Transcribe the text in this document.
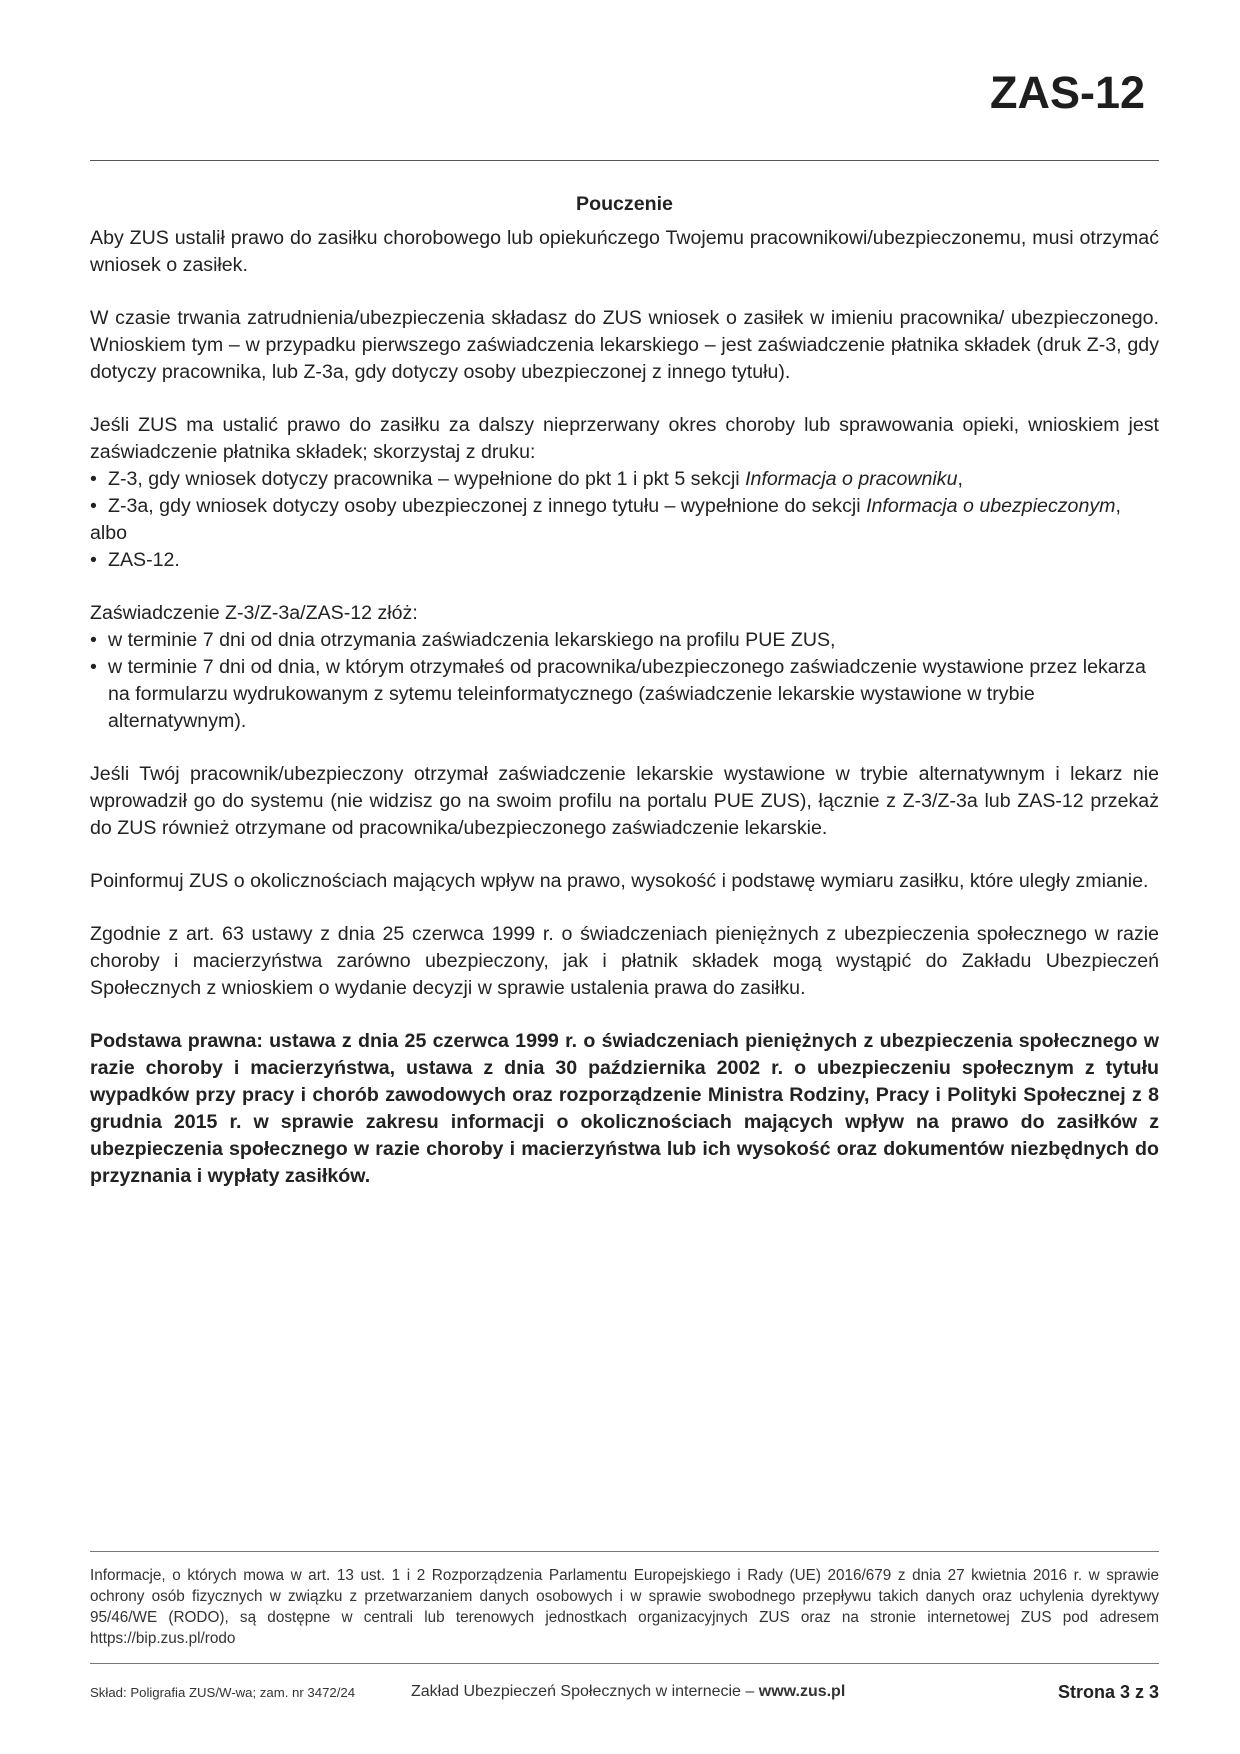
ZAS-12
Pouczenie

Aby ZUS ustalił prawo do zasiłku chorobowego lub opiekuńczego Twojemu pracownikowi/ubezpieczonemu, musi otrzymać wniosek o zasiłek.

W czasie trwania zatrudnienia/ubezpieczenia składasz do ZUS wniosek o zasiłek w imieniu pracownika/ ubezpieczonego. Wnioskiem tym – w przypadku pierwszego zaświadczenia lekarskiego – jest zaświadczenie płatnika składek (druk Z-3, gdy dotyczy pracownika, lub Z-3a, gdy dotyczy osoby ubezpieczonej z innego tytułu).

Jeśli ZUS ma ustalić prawo do zasiłku za dalszy nieprzerwany okres choroby lub sprawowania opieki, wnioskiem jest zaświadczenie płatnika składek; skorzystaj z druku:

• Z-3, gdy wniosek dotyczy pracownika – wypełnione do pkt 1 i pkt 5 sekcji Informacja o pracowniku,
• Z-3a, gdy wniosek dotyczy osoby ubezpieczonej z innego tytułu – wypełnione do sekcji Informacja o ubezpieczonym,
albo
• ZAS-12.

Zaświadczenie Z-3/Z-3a/ZAS-12 złóż:

• w terminie 7 dni od dnia otrzymania zaświadczenia lekarskiego na profilu PUE ZUS,
• w terminie 7 dni od dnia, w którym otrzymałeś od pracownika/ubezpieczonego zaświadczenie wystawione przez lekarza na formularzu wydrukowanym z sytemu teleinformatycznego (zaświadczenie lekarskie wystawione w trybie alternatywnym).

Jeśli Twój pracownik/ubezpieczony otrzymał zaświadczenie lekarskie wystawione w trybie alternatywnym i lekarz nie wprowadził go do systemu (nie widzisz go na swoim profilu na portalu PUE ZUS), łącznie z Z-3/Z-3a lub ZAS-12 przekaż do ZUS również otrzymane od pracownika/ubezpieczonego zaświadczenie lekarskie.

Poinformuj ZUS o okolicznościach mających wpływ na prawo, wysokość i podstawę wymiaru zasiłku, które uległy zmianie.

Zgodnie z art. 63 ustawy z dnia 25 czerwca 1999 r. o świadczeniach pieniężnych z ubezpieczenia społecznego w razie choroby i macierzyństwa zarówno ubezpieczony, jak i płatnik składek mogą wystąpić do Zakładu Ubezpieczeń Społecznych z wnioskiem o wydanie decyzji w sprawie ustalenia prawa do zasiłku.

Podstawa prawna: ustawa z dnia 25 czerwca 1999 r. o świadczeniach pieniężnych z ubezpieczenia społecznego w razie choroby i macierzyństwa, ustawa z dnia 30 października 2002 r. o ubezpieczeniu społecznym z tytułu wypadków przy pracy i chorób zawodowych oraz rozporządzenie Ministra Rodziny, Pracy i Polityki Społecznej z 8 grudnia 2015 r. w sprawie zakresu informacji o okolicznościach mających wpływ na prawo do zasiłków z ubezpieczenia społecznego w razie choroby i macierzyństwa lub ich wysokość oraz dokumentów niezbędnych do przyznania i wypłaty zasiłków.

Informacje, o których mowa w art. 13 ust. 1 i 2 Rozporządzenia Parlamentu Europejskiego i Rady (UE) 2016/679 z dnia 27 kwietnia 2016 r. w sprawie ochrony osób fizycznych w związku z przetwarzaniem danych osobowych i w sprawie swobodnego przepływu takich danych oraz uchylenia dyrektywy 95/46/WE (RODO), są dostępne w centrali lub terenowych jednostkach organizacyjnych ZUS oraz na stronie internetowej ZUS pod adresem https://bip.zus.pl/rodo

Skład: Poligrafia ZUS/W-wa; zam. nr 3472/24	Zakład Ubezpieczeń Społecznych w internecie – www.zus.pl	Strona 3 z 3
